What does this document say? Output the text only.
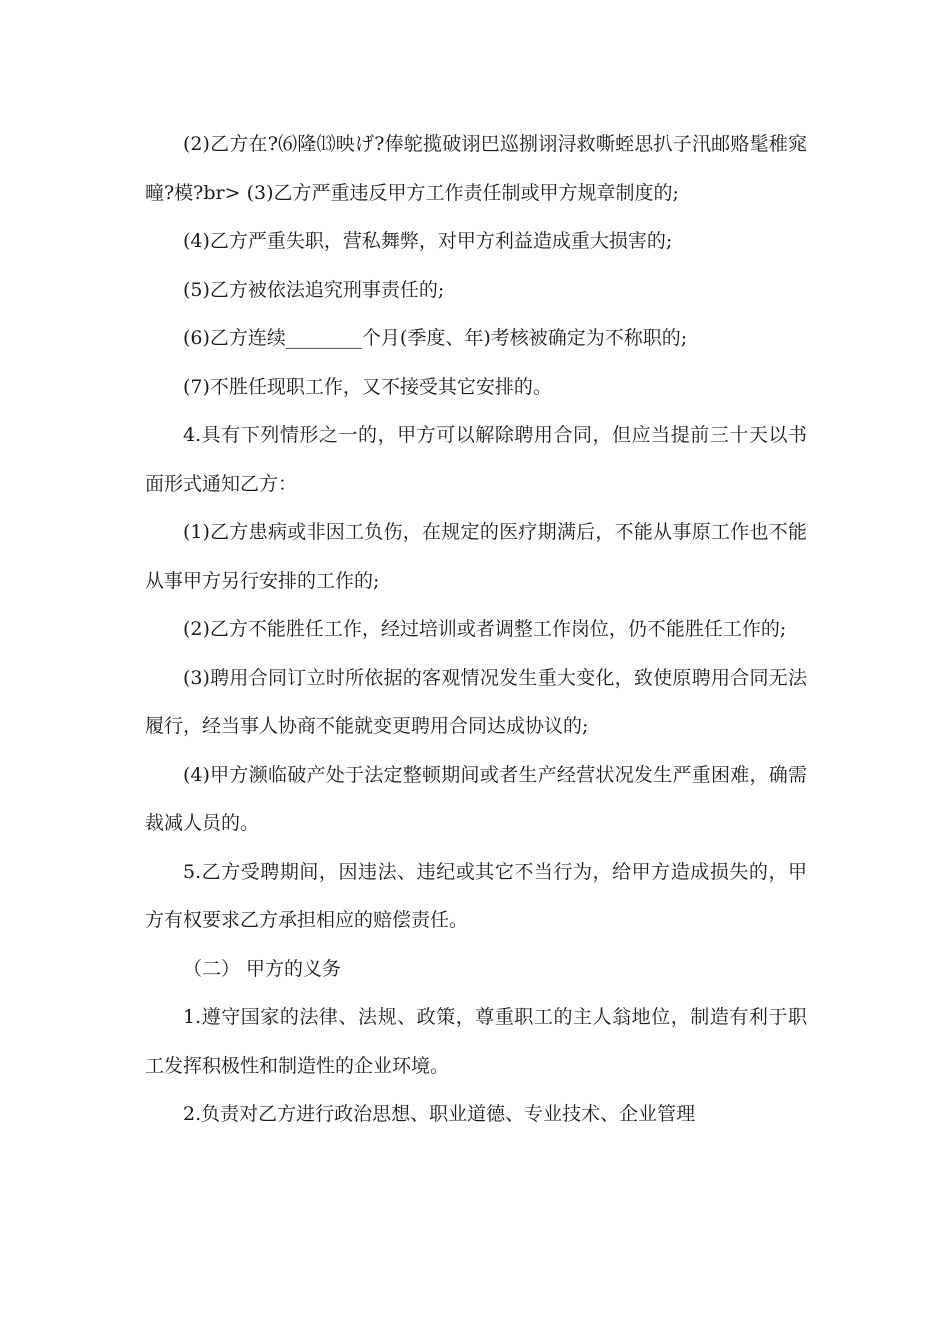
(2)乙方在?⑹隆⒀映げ?俸鸵揽破诩巴巡捌诩浔救嘶蛭思扒子汛邮赂髦稚窕疃?模?br> (3)乙方严重违反甲方工作责任制或甲方规章制度的;

(4)乙方严重失职，营私舞弊，对甲方利益造成重大损害的;

(5)乙方被依法追究刑事责任的;

(6)乙方连续________个月(季度、年)考核被确定为不称职的;

(7)不胜任现职工作，又不接受其它安排的。

4.具有下列情形之一的，甲方可以解除聘用合同，但应当提前三十天以书面形式通知乙方：

(1)乙方患病或非因工负伤，在规定的医疗期满后，不能从事原工作也不能从事甲方另行安排的工作的;

(2)乙方不能胜任工作，经过培训或者调整工作岗位，仍不能胜任工作的;

(3)聘用合同订立时所依据的客观情况发生重大变化，致使原聘用合同无法履行，经当事人协商不能就变更聘用合同达成协议的;

(4)甲方濒临破产处于法定整顿期间或者生产经营状况发生严重困难，确需裁减人员的。

5.乙方受聘期间，因违法、违纪或其它不当行为，给甲方造成损失的，甲方有权要求乙方承担相应的赔偿责任。

（二） 甲方的义务

1.遵守国家的法律、法规、政策，尊重职工的主人翁地位，制造有利于职工发挥积极性和制造性的企业环境。

2.负责对乙方进行政治思想、职业道德、专业技术、企业管理
